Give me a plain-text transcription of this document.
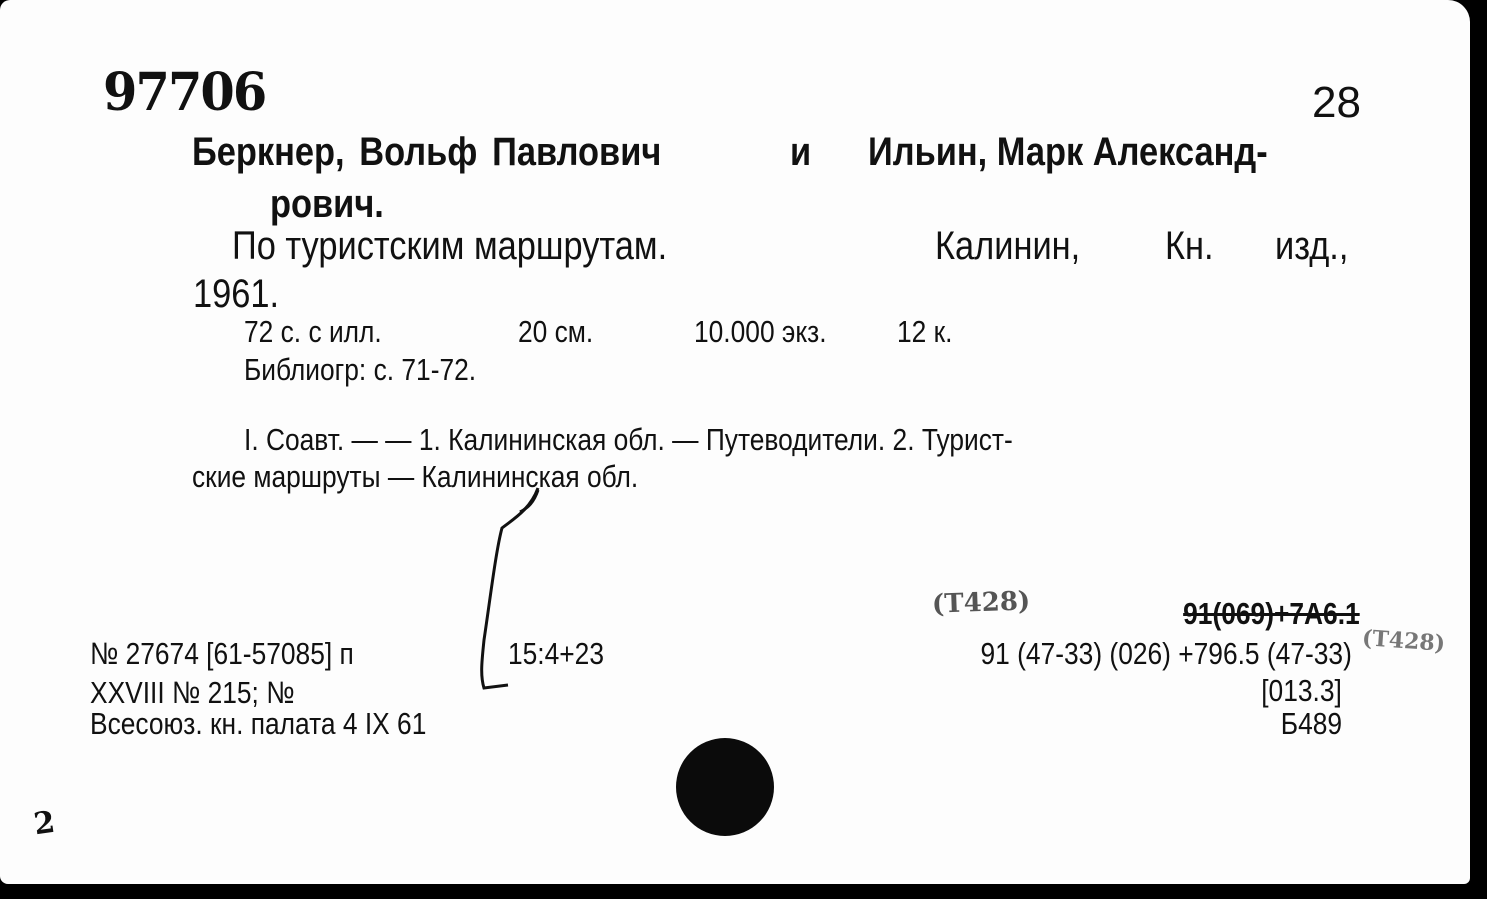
97706	28
Беркнер, Вольф Павлович	и Ильин, Марк Александ-
рович.
По туристским маршрутам.	Калинин, Кн. изд.,
1961.
72 с. с илл.	20 см.	10.000 экз. 12 к.
Библиогр: с. 71-72.
I. Соавт. — — 1. Калининская обл. — Путеводители. 2. Турист-
ские маршруты — Калининская обл.
№ 27674 [61-57085] п	15:4+23
XXVIII № 215; №
Всесоюз. кн. палата 4 IX 61
91(069)+7А6.1
91 (47-33) (026) +796.5 (47-33)
[013.3]
Б489
(Т428)
(Т428)
2
